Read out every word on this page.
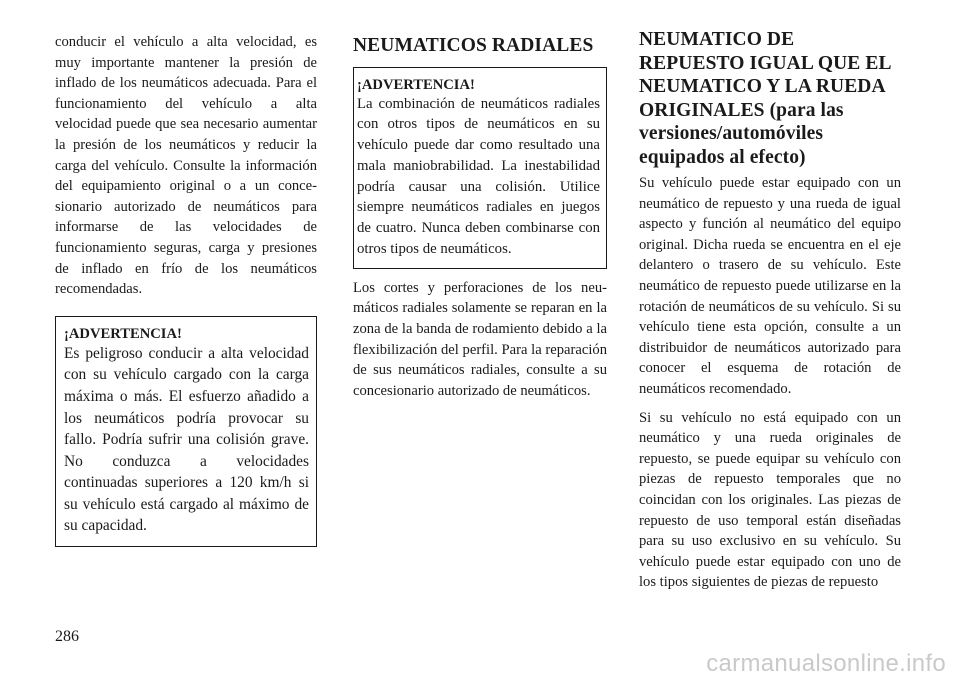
conducir el vehículo a alta velocidad, es muy importante mantener la presión de inflado de los neumáticos adecuada. Para el funcionamiento del vehículo a alta velocidad puede que sea necesario aumentar la presión de los neumáticos y reducir la carga del vehículo. Consulte la información del equipamiento original o a un concesionario autorizado de neumáticos para informarse de las velocidades de funcionamiento seguras, carga y presiones de inflado en frío de los neumáticos recomendadas.

¡ADVERTENCIA!

Es peligroso conducir a alta velocidad con su vehículo cargado con la carga máxima o más. El esfuerzo añadido a los neumáticos podría provocar su fallo. Podría sufrir una colisión grave. No conduzca a velocidades continuadas superiores a 120 km/h si su vehículo está cargado al máximo de su capacidad.

NEUMATICOS RADIALES

¡ADVERTENCIA!

La combinación de neumáticos radiales con otros tipos de neumáticos en su vehículo puede dar como resultado una mala maniobrabilidad. La inestabilidad podría causar una colisión. Utilice siempre neumáticos radiales en juegos de cuatro. Nunca deben combinarse con otros tipos de neumáticos.

Los cortes y perforaciones de los neumáticos radiales solamente se reparan en la zona de la banda de rodamiento debido a la flexibilización del perfil. Para la reparación de sus neumáticos radiales, consulte a su concesionario autorizado de neumáticos.

NEUMATICO DE REPUESTO IGUAL QUE EL NEUMATICO Y LA RUEDA ORIGINALES (para las versiones/automóviles equipados al efecto)

Su vehículo puede estar equipado con un neumático de repuesto y una rueda de igual aspecto y función al neumático del equipo original. Dicha rueda se encuentra en el eje delantero o trasero de su vehículo. Este neumático de repuesto puede utilizarse en la rotación de neumáticos de su vehículo. Si su vehículo tiene esta opción, consulte a un distribuidor de neumáticos autorizado para conocer el esquema de rotación de neumáticos recomendado.

Si su vehículo no está equipado con un neumático y una rueda originales de repuesto, se puede equipar su vehículo con piezas de repuesto temporales que no coincidan con los originales. Las piezas de repuesto de uso temporal están diseñadas para su uso exclusivo en su vehículo. Su vehículo puede estar equipado con uno de los tipos siguientes de piezas de repuesto

286
carmanualsonline.info
